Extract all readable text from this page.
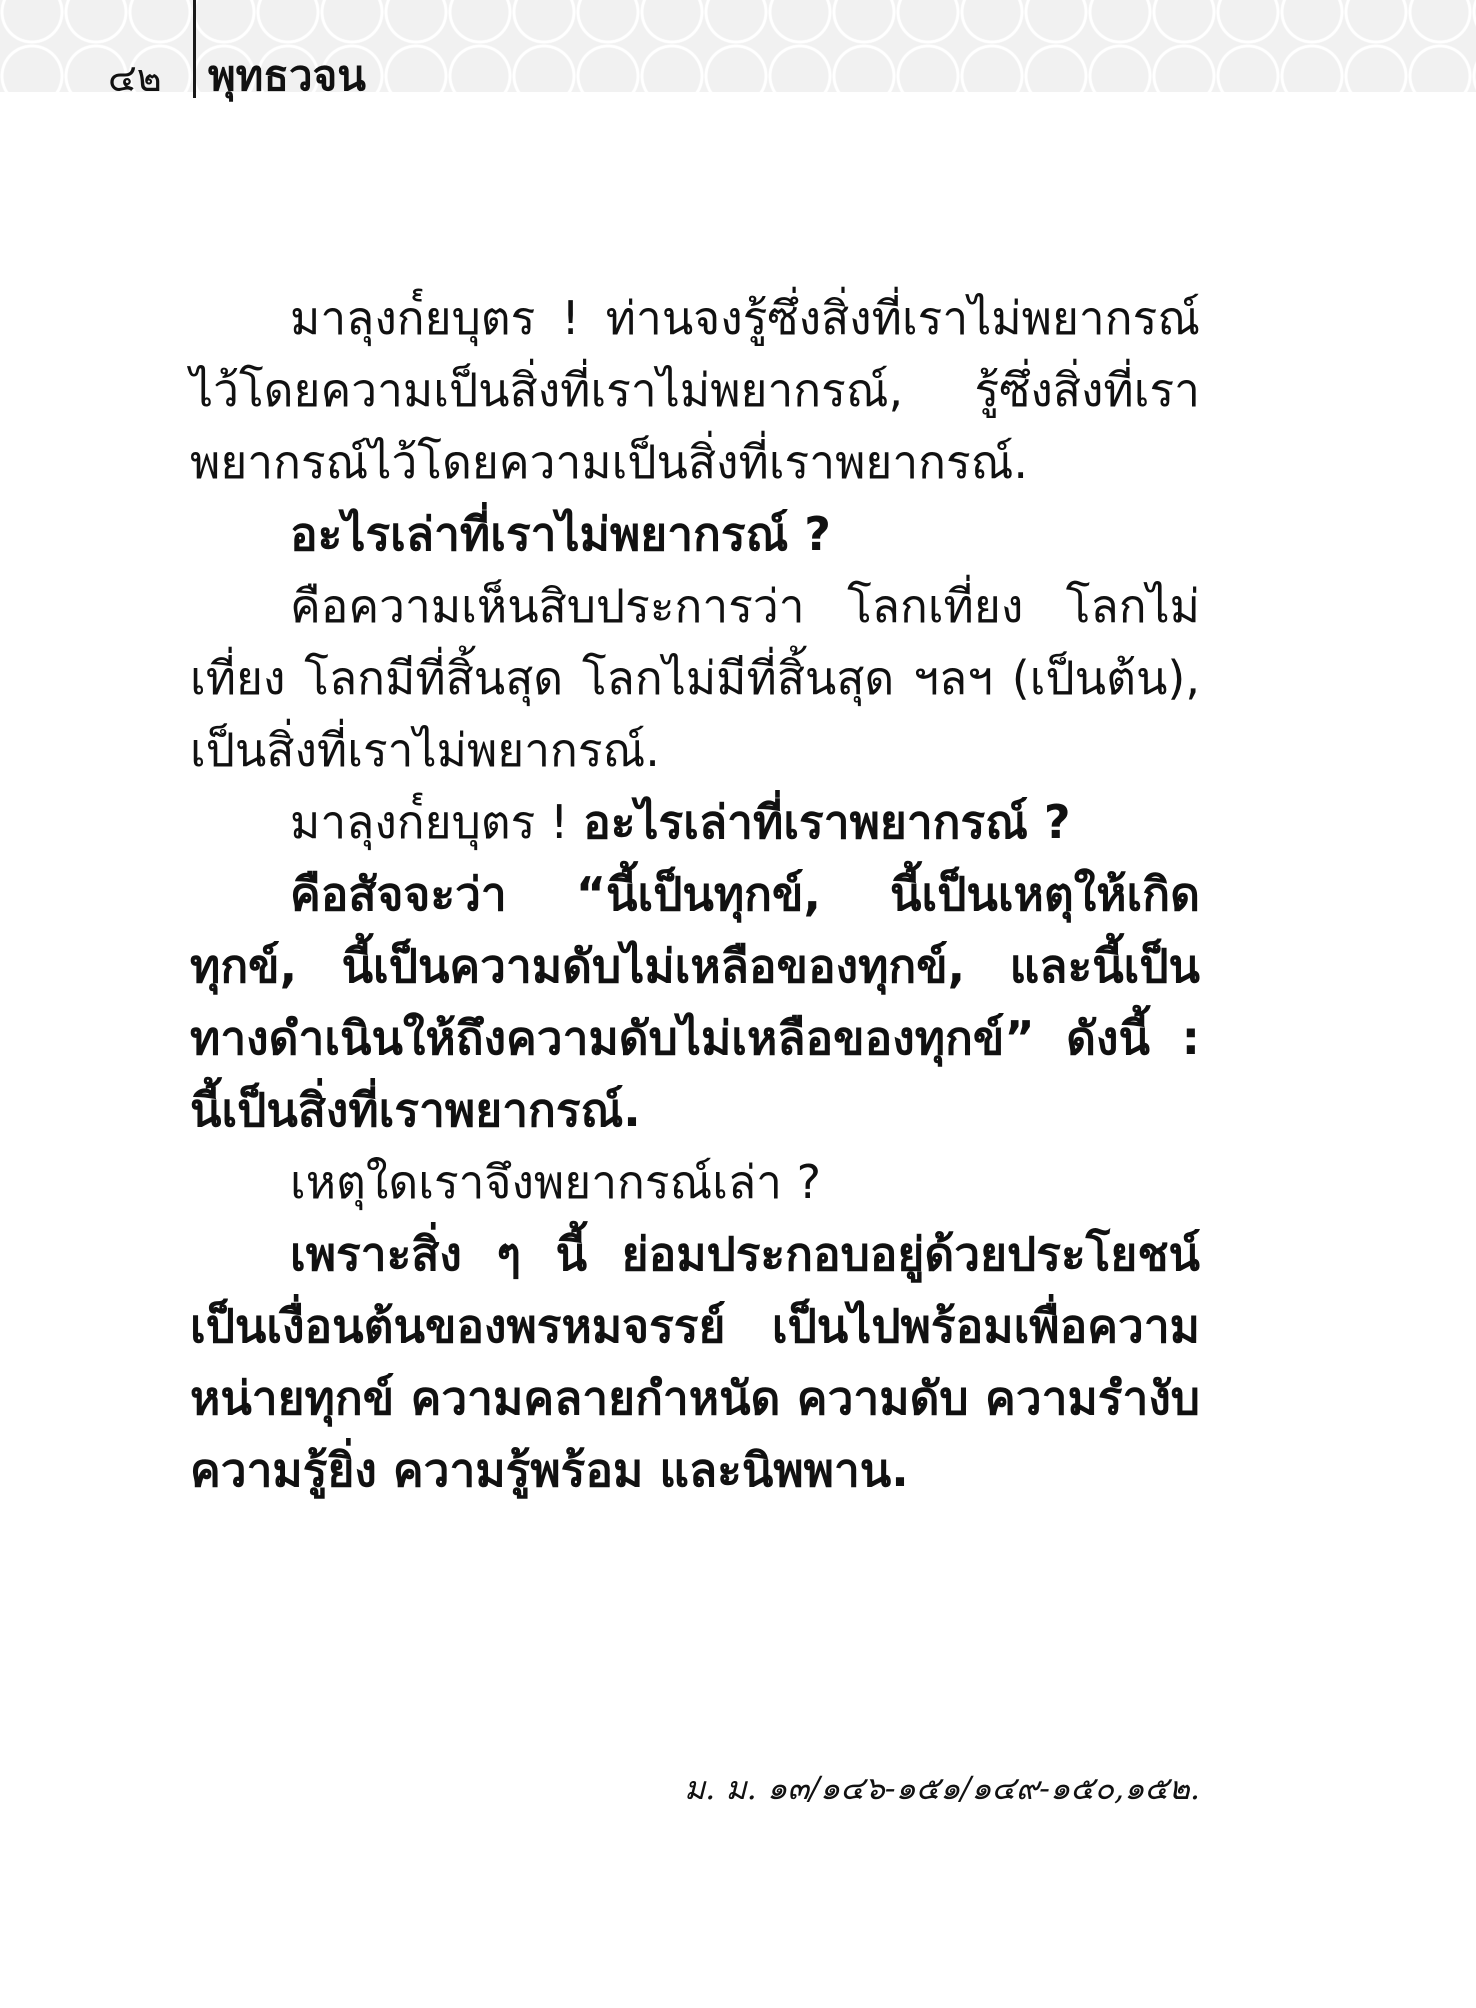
๔๒ พุทธวจน

มาลุงก๎ยบุตร ! ท่านจงรู้ซึ่งสิ่งที่เราไม่พยากรณ์ไว้โดยความเป็นสิ่งที่เราไม่พยากรณ์, รู้ซึ่งสิ่งที่เราพยากรณ์ไว้โดยความเป็นสิ่งที่เราพยากรณ์.

อะไรเล่าที่เราไม่พยากรณ์ ?

คือความเห็นสิบประการว่า โลกเที่ยง โลกไม่เที่ยง โลกมีที่สิ้นสุด โลกไม่มีที่สิ้นสุด ฯลฯ (เป็นต้น), เป็นสิ่งที่เราไม่พยากรณ์.

มาลุงก๎ยบุตร ! อะไรเล่าที่เราพยากรณ์ ?

คือสัจจะว่า “นี้เป็นทุกข์, นี้เป็นเหตุให้เกิดทุกข์, นี้เป็นความดับไม่เหลือของทุกข์, และนี้เป็นทางดำเนินให้ถึงความดับไม่เหลือของทุกข์” ดังนี้ : นี้เป็นสิ่งที่เราพยากรณ์.

เหตุใดเราจึงพยากรณ์เล่า ?

เพราะสิ่ง ๆ นี้ ย่อมประกอบอยู่ด้วยประโยชน์ เป็นเงื่อนต้นของพรหมจรรย์ เป็นไปพร้อมเพื่อความหน่ายทุกข์ ความคลายกำหนัด ความดับ ความรำงับ ความรู้ยิ่ง ความรู้พร้อม และนิพพาน.

ม. ม. ๑๓/๑๔๖-๑๕๑/๑๔๙-๑๕๐,๑๕๒.
